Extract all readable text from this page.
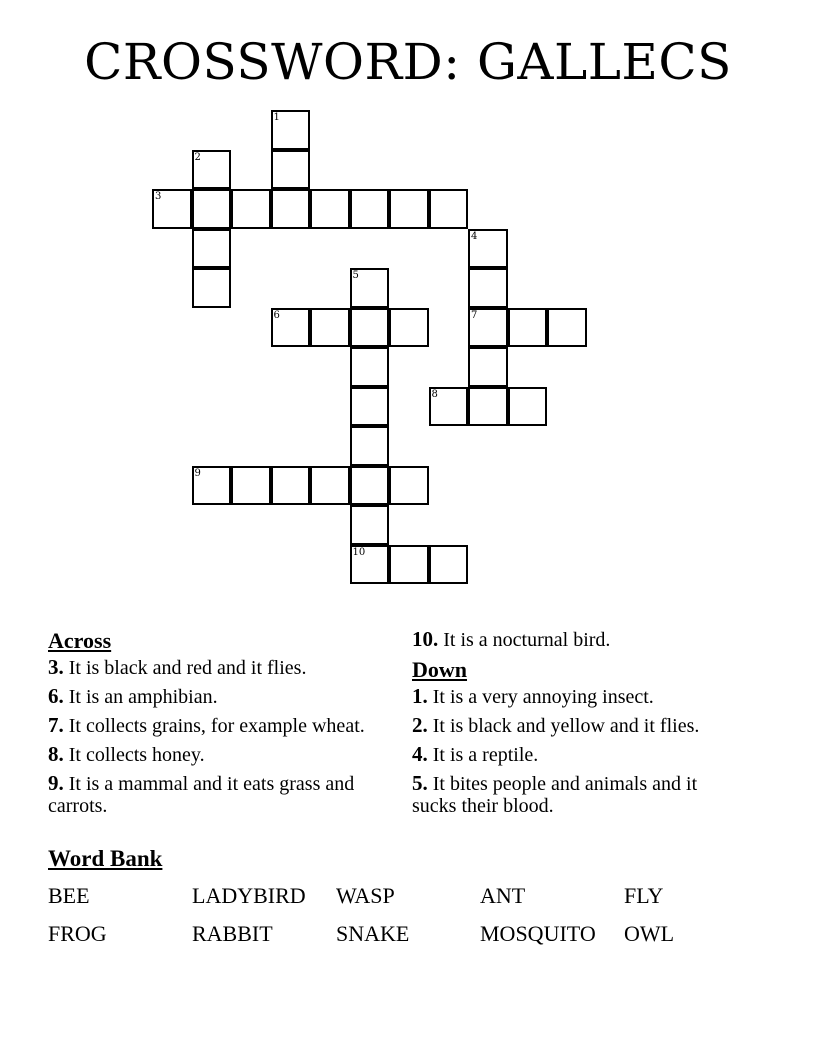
CROSSWORD: GALLECS
1
2
3
4
7
5
10
6
8
9
Across
3. It is black and red and it flies.
6. It is an amphibian.
7. It collects grains, for example wheat.
8. It collects honey.
9. It is a mammal and it eats grass and carrots.
10. It is a nocturnal bird.
Down
1. It is a very annoying insect.
2. It is black and yellow and it flies.
4. It is a reptile.
5. It bites people and animals and it sucks their blood.
Word Bank
BEE	LADYBIRD	WASP	ANT	FLY
FROG	RABBIT	SNAKE	MOSQUITO	OWL
